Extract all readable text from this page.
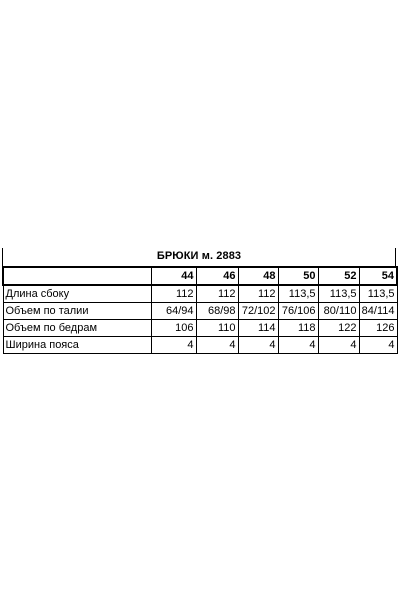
БРЮКИ м. 2883
	44	46	48	50	52	54
Длина сбоку	112	112	112	113,5	113,5	113,5
Объем по талии	64/94	68/98	72/102	76/106	80/110	84/114
Объем по бедрам	106	110	114	118	122	126
Ширина пояса	4	4	4	4	4	4
